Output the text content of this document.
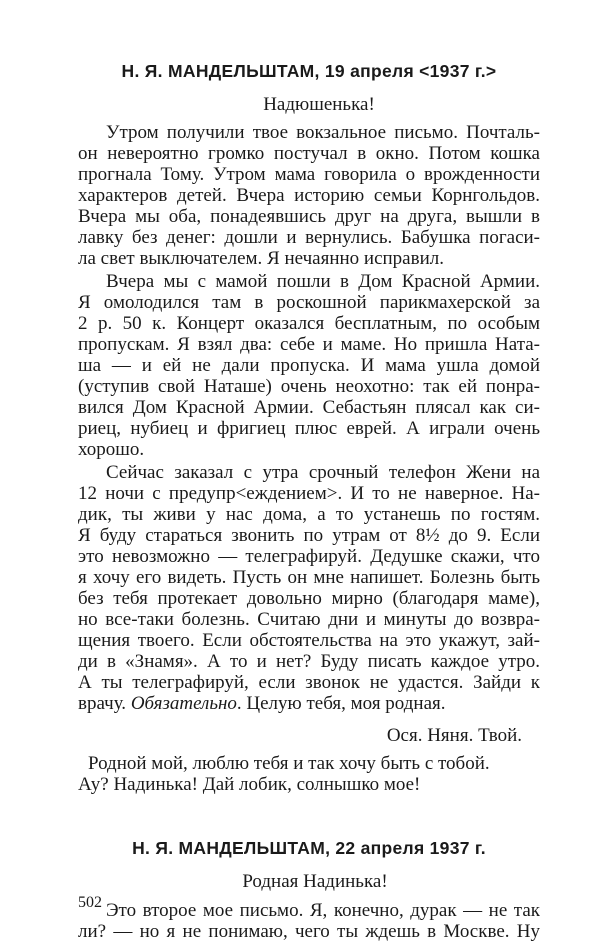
Н. Я. МАНДЕЛЬШТАМ, 19 апреля <1937 г.>
Надюшенька!
Утром получили твое вокзальное письмо. Почталь-
он невероятно громко постучал в окно. Потом кошка
прогнала Тому. Утром мама говорила о врожденности
характеров детей. Вчера историю семьи Корнгольдов.
Вчера мы оба, понадеявшись друг на друга, вышли в
лавку без денег: дошли и вернулись. Бабушка погаси-
ла свет выключателем. Я нечаянно исправил.
Вчера мы с мамой пошли в Дом Красной Армии.
Я омолодился там в роскошной парикмахерской за
2 р. 50 к. Концерт оказался бесплатным, по особым
пропускам. Я взял два: себе и маме. Но пришла Ната-
ша — и ей не дали пропуска. И мама ушла домой
(уступив свой Наташе) очень неохотно: так ей понра-
вился Дом Красной Армии. Себастьян плясал как си-
риец, нубиец и фригиец плюс еврей. А играли очень
хорошо.
Сейчас заказал с утра срочный телефон Жени на
12 ночи с предупр<еждением>. И то не наверное. На-
дик, ты живи у нас дома, а то устанешь по гостям.
Я буду стараться звонить по утрам от 8½ до 9. Если
это невозможно — телеграфируй. Дедушке скажи, что
я хочу его видеть. Пусть он мне напишет. Болезнь быть
без тебя протекает довольно мирно (благодаря маме),
но все-таки болезнь. Считаю дни и минуты до возвра-
щения твоего. Если обстоятельства на это укажут, зай-
ди в «Знамя». А то и нет? Буду писать каждое утро.
А ты телеграфируй, если звонок не удастся. Зайди к
врачу. Обязательно. Целую тебя, моя родная.
Ося. Няня. Твой.
Родной мой, люблю тебя и так хочу быть с тобой.
Ау? Надинька! Дай лобик, солнышко мое!
Н. Я. МАНДЕЛЬШТАМ, 22 апреля 1937 г.
Родная Надинька!
Это второе мое письмо. Я, конечно, дурак — не так
ли? — но я не понимаю, чего ты ждешь в Москве. Ну
502
